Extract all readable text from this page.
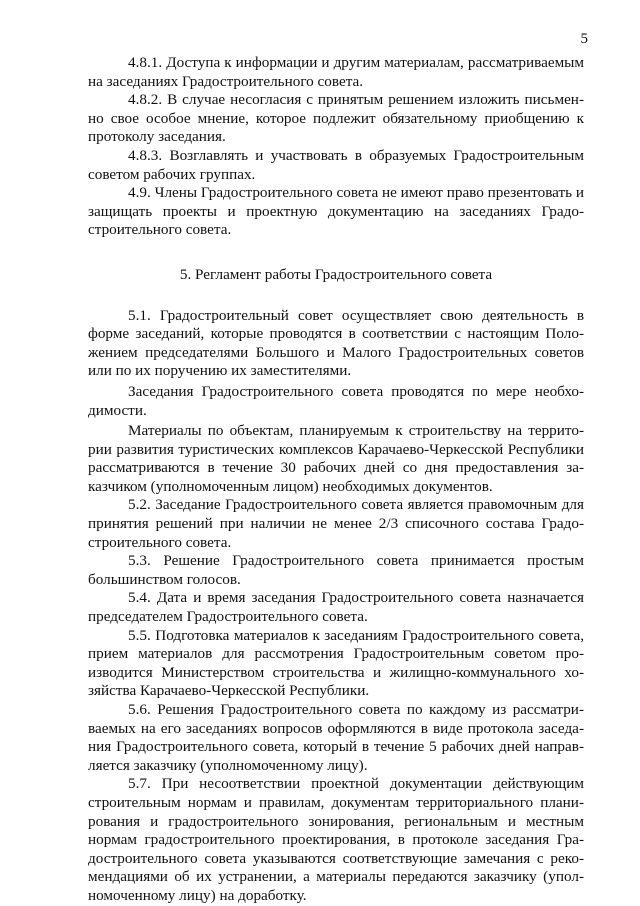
5

4.8.1. Доступа к информации и другим материалам, рассматриваемым на заседаниях Градостроительного совета.

4.8.2. В случае несогласия с принятым решением изложить письменно свое особое мнение, которое подлежит обязательному приобщению к протоколу заседания.

4.8.3. Возглавлять и участвовать в образуемых Градостроительным советом рабочих группах.

4.9. Члены Градостроительного совета не имеют право презентовать и защищать проекты и проектную документацию на заседаниях Градостроительного совета.

5. Регламент работы Градостроительного совета

5.1. Градостроительный совет осуществляет свою деятельность в форме заседаний, которые проводятся в соответствии с настоящим Положением председателями Большого и Малого Градостроительных советов или по их поручению их заместителями.

Заседания Градостроительного совета проводятся по мере необходимости.

Материалы по объектам, планируемым к строительству на территории развития туристических комплексов Карачаево-Черкесской Республики рассматриваются в течение 30 рабочих дней со дня предоставления заказчиком (уполномоченным лицом) необходимых документов.

5.2. Заседание Градостроительного совета является правомочным для принятия решений при наличии не менее 2/3 списочного состава Градостроительного совета.

5.3. Решение Градостроительного совета принимается простым большинством голосов.

5.4. Дата и время заседания Градостроительного совета назначается председателем Градостроительного совета.

5.5. Подготовка материалов к заседаниям Градостроительного совета, прием материалов для рассмотрения Градостроительным советом производится Министерством строительства и жилищно-коммунального хозяйства Карачаево-Черкесской Республики.

5.6. Решения Градостроительного совета по каждому из рассматриваемых на его заседаниях вопросов оформляются в виде протокола заседания Градостроительного совета, который в течение 5 рабочих дней направляется заказчику (уполномоченному лицу).

5.7. При несоответствии проектной документации действующим строительным нормам и правилам, документам территориального планирования и градостроительного зонирования, региональным и местным нормам градостроительного проектирования, в протоколе заседания Градостроительного совета указываются соответствующие замечания с рекомендациями об их устранении, а материалы передаются заказчику (уполномоченному лицу) на доработку.
